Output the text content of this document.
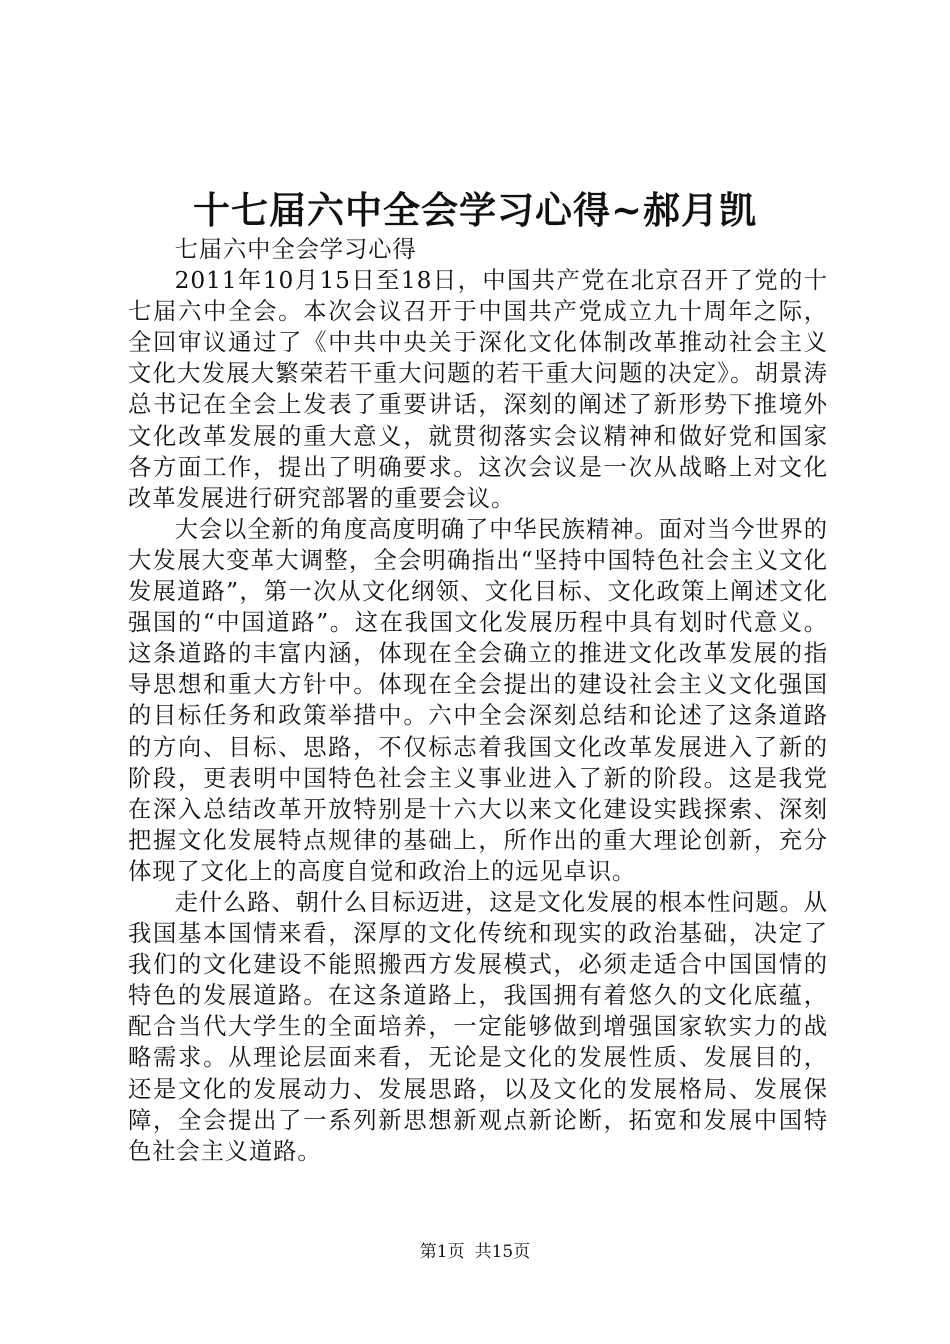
十七届六中全会学习心得~郝月凯

七届六中全会学习心得

2011年10月15日至18日，中国共产党在北京召开了党的十七届六中全会。本次会议召开于中国共产党成立九十周年之际，全回审议通过了《中共中央关于深化文化体制改革推动社会主义文化大发展大繁荣若干重大问题的若干重大问题的决定》。胡景涛总书记在全会上发表了重要讲话，深刻的阐述了新形势下推境外文化改革发展的重大意义，就贯彻落实会议精神和做好党和国家各方面工作，提出了明确要求。这次会议是一次从战略上对文化改革发展进行研究部署的重要会议。

大会以全新的角度高度明确了中华民族精神。面对当今世界的大发展大变革大调整，全会明确指出“坚持中国特色社会主义文化发展道路”，第一次从文化纲领、文化目标、文化政策上阐述文化强国的“中国道路”。这在我国文化发展历程中具有划时代意义。这条道路的丰富内涵，体现在全会确立的推进文化改革发展的指导思想和重大方针中。体现在全会提出的建设社会主义文化强国的目标任务和政策举措中。六中全会深刻总结和论述了这条道路的方向、目标、思路，不仅标志着我国文化改革发展进入了新的阶段，更表明中国特色社会主义事业进入了新的阶段。这是我党在深入总结改革开放特别是十六大以来文化建设实践探索、深刻把握文化发展特点规律的基础上，所作出的重大理论创新，充分体现了文化上的高度自觉和政治上的远见卓识。

走什么路、朝什么目标迈进，这是文化发展的根本性问题。从我国基本国情来看，深厚的文化传统和现实的政治基础，决定了我们的文化建设不能照搬西方发展模式，必须走适合中国国情的特色的发展道路。在这条道路上，我国拥有着悠久的文化底蕴，配合当代大学生的全面培养，一定能够做到增强国家软实力的战略需求。从理论层面来看，无论是文化的发展性质、发展目的，还是文化的发展动力、发展思路，以及文化的发展格局、发展保障，全会提出了一系列新思想新观点新论断，拓宽和发展中国特色社会主义道路。

第1页 共15页
